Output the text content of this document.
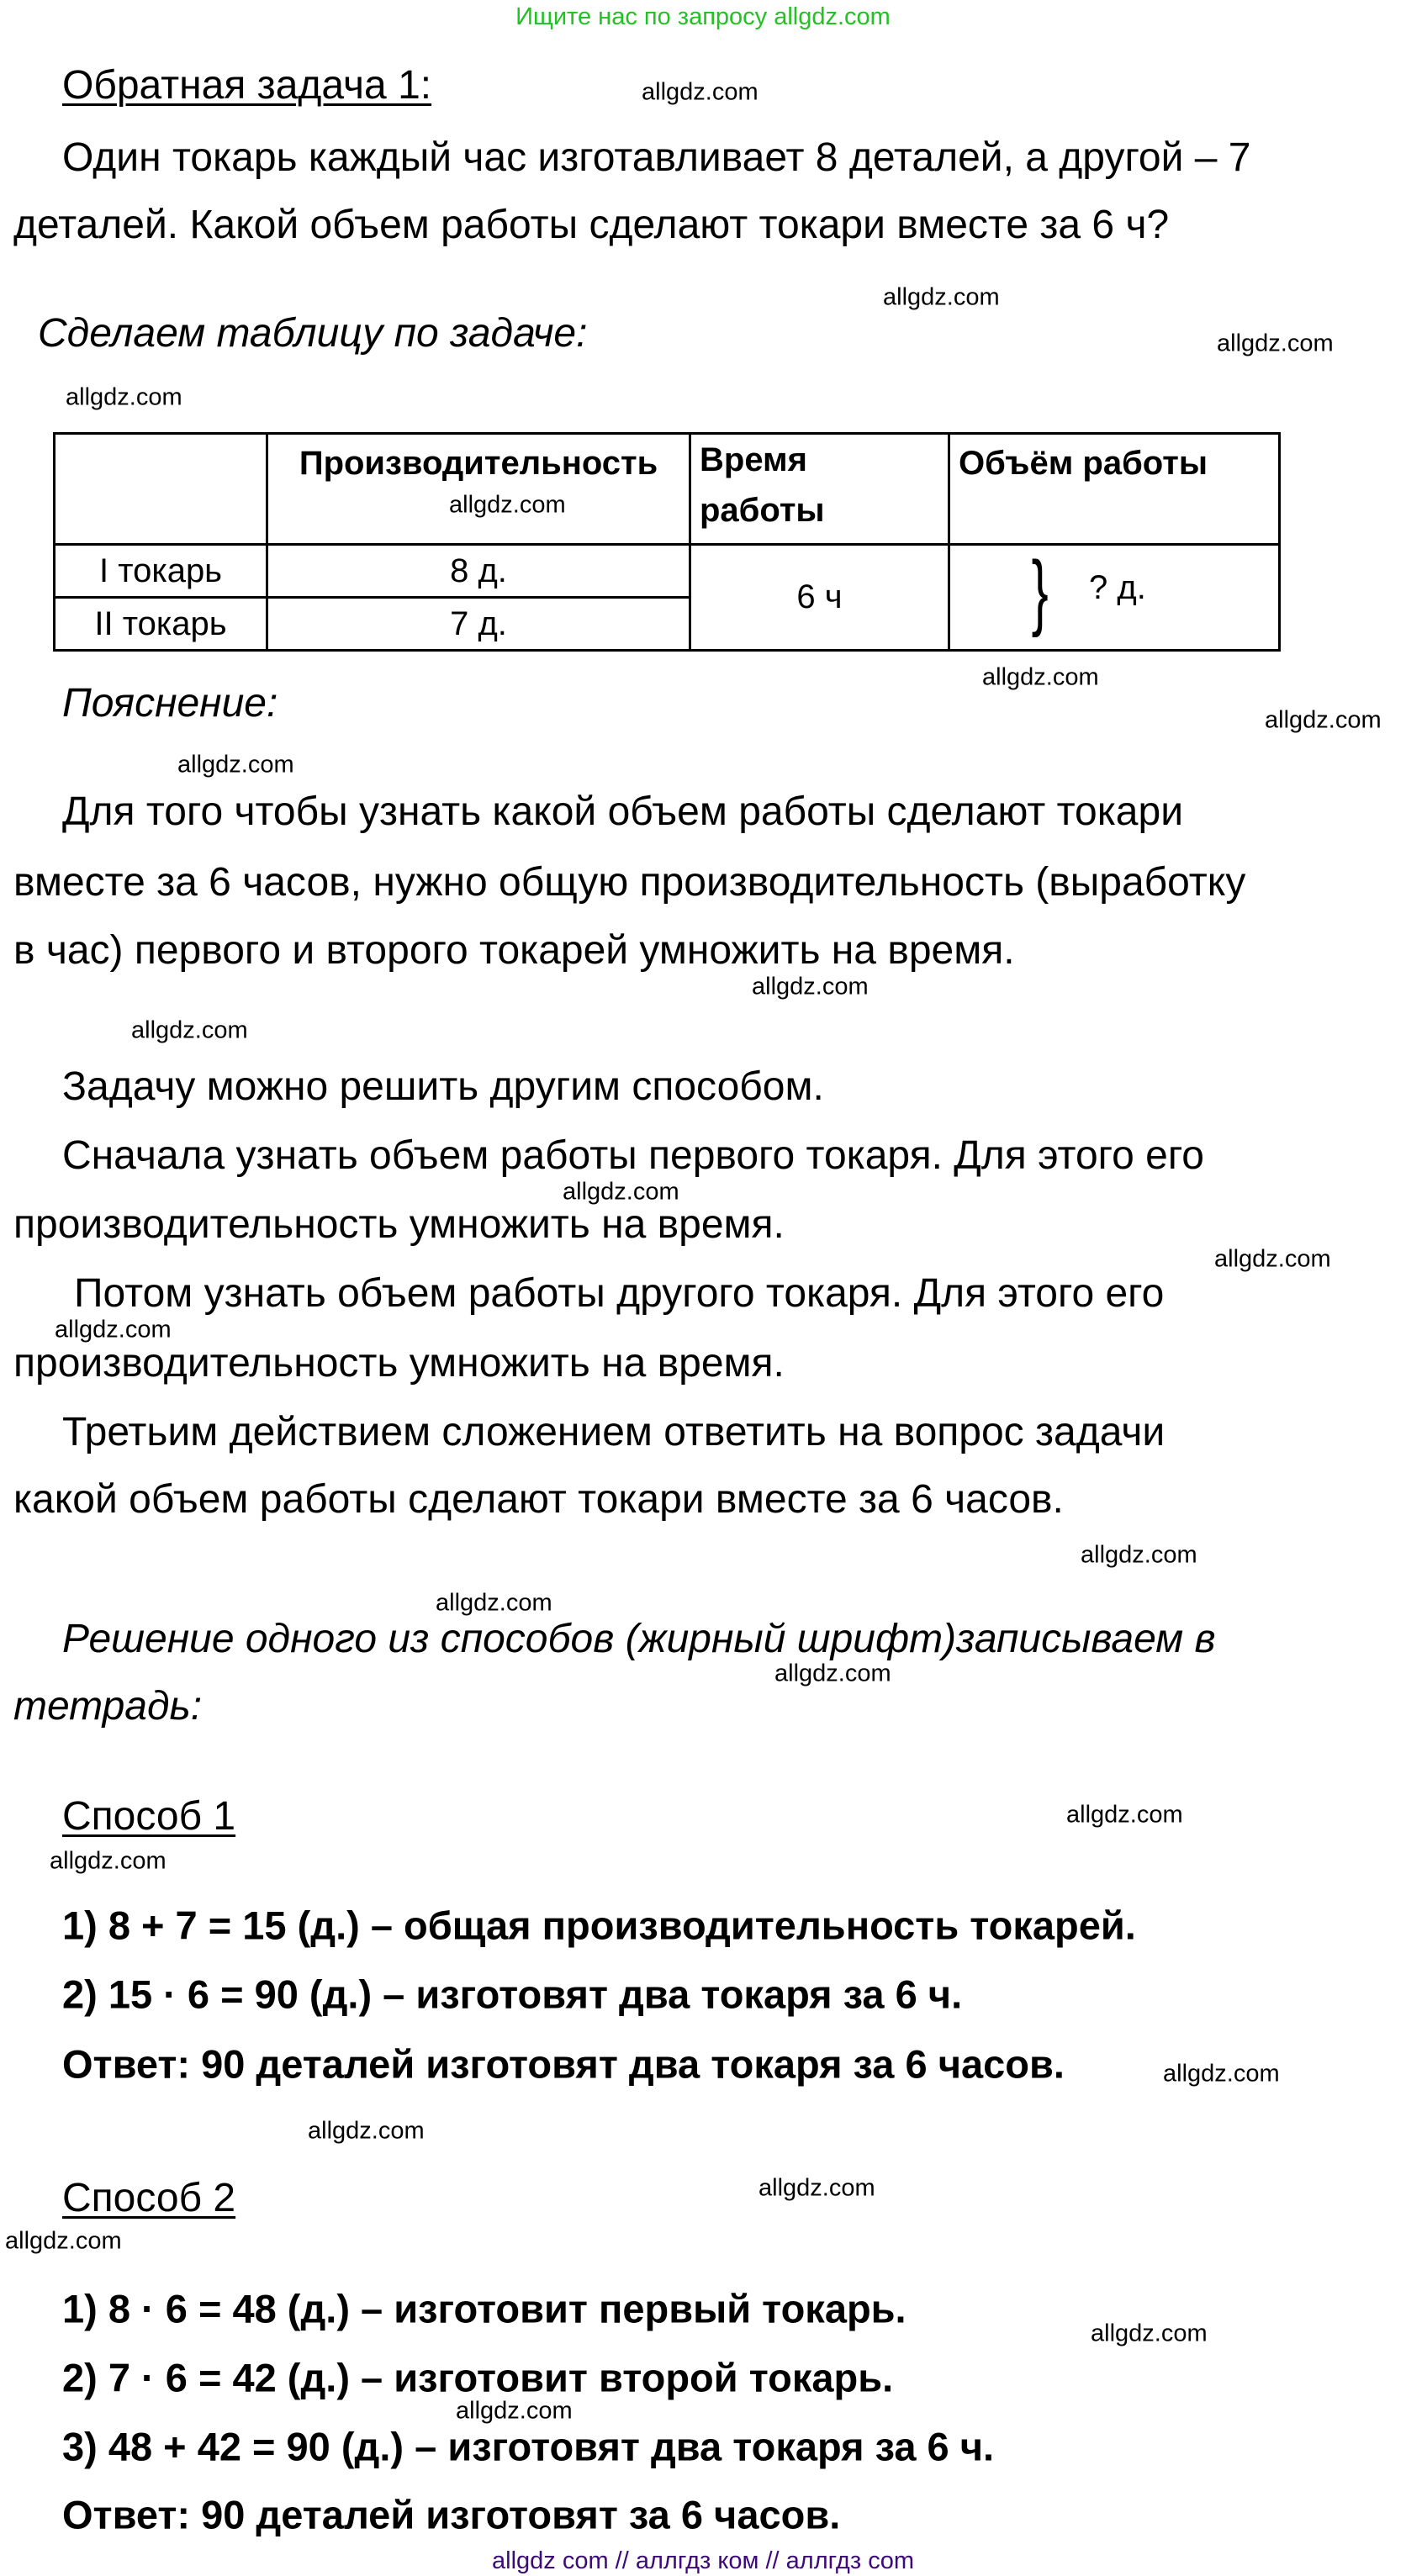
Ищите нас по запросу allgdz.com
Обратная задача 1:
Один токарь каждый час изготавливает 8 деталей, а другой – 7
деталей. Какой объем работы сделают токари вместе за 6 ч?
Сделаем таблицу по задаче:
	Производительность	Время работы	Объём работы
I токарь	8 д.	6 ч	} ? д.

II токарь	7 д.		
Пояснение:
Для того чтобы узнать какой объем работы сделают токари
вместе за 6 часов, нужно общую производительность (выработку
в час) первого и второго токарей умножить на время.
Задачу можно решить другим способом.
Сначала узнать объем работы первого токаря. Для этого его
производительность умножить на время.
Потом узнать объем работы другого токаря. Для этого его
производительность умножить на время.
Третьим действием сложением ответить на вопрос задачи
какой объем работы сделают токари вместе за 6 часов.
Решение одного из способов (жирный шрифт)записываем в
тетрадь:
Способ 1
1) 8 + 7 = 15 (д.) – общая производительность токарей.
2) 15 · 6 = 90 (д.) – изготовят два токаря за 6 ч.
Ответ: 90 деталей изготовят два токаря за 6 часов.
Способ 2
1) 8 · 6 = 48 (д.) – изготовит первый токарь.
2) 7 · 6 = 42 (д.) – изготовит второй токарь.
3) 48 + 42 = 90 (д.) – изготовят два токаря за 6 ч.
Ответ: 90 деталей изготовят за 6 часов.
allgdz.com
allgdz.com
allgdz.com
allgdz.com
allgdz.com
allgdz.com
allgdz.com
allgdz.com
allgdz.com
allgdz.com
allgdz.com
allgdz.com
allgdz.com
allgdz.com
allgdz.com
allgdz.com
allgdz.com
allgdz.com
allgdz.com
allgdz.com
allgdz.com
allgdz.com
allgdz.com
allgdz.com
allgdz com // аллгдз ком // аллгдз com
